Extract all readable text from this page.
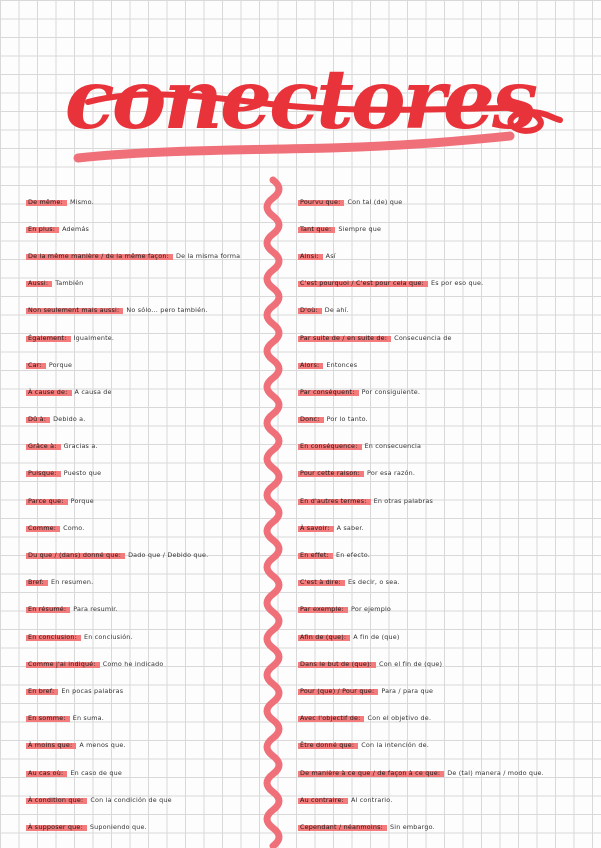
conectores
De même:	Mismo.
En plus:	Además
De la même manière / de la même façon:	De la misma forma
Aussi:	También
Non seulement mais aussi:	No sólo... pero también.
Également:	Igualmente.
Car:	Porque
À cause de:	A causa de
Dû à:	Debido a.
Grâce à:	Gracias a.
Puisque:	Puesto que
Parce que:	Porque
Comme:	Como.
Du que / (dans) donné que:	Dado que / Debido que.
Bref:	En resumen.
En résumé:	Para resumir.
En conclusion:	En conclusión.
Comme j'ai indiqué:	Como he indicado
En bref:	En pocas palabras
En somme:	En suma.
À moins que:	A menos que.
Au cas où:	En caso de que
À condition que:	Con la condición de que
À supposer que:	Suponiendo que.
Pourvu que:	Con tal (de) que
Tant que:	Siempre que
Ainsi:	Así
C'est pourquoi / C'est pour cela que:	Es por eso que.
D'où:	De ahí.
Par suite de / en suite de:	Consecuencia de
Alors:	Entonces
Par conséquent:	Por consiguiente.
Donc:	Por lo tanto.
En conséquence:	En consecuencia
Pour cette raison:	Por esa razón.
En d'autres termes:	En otras palabras
À savoir:	A saber.
En effet:	En efecto.
C'est à dire:	Es decir, o sea.
Par exemple:	Por ejemplo
Afin de (que):	A fin de (que)
Dans le but de (que):	Con el fin de (que)
Pour (que) / Pour que:	Para / para que
Avec l'objectif de:	Con el objetivo de.
Être donné que:	Con la intención de.
De manière à ce que / de façon à ce que:	De (tal) manera / modo que.
Au contraire:	Al contrario.
Cependant / néanmoins:	Sin embargo.
